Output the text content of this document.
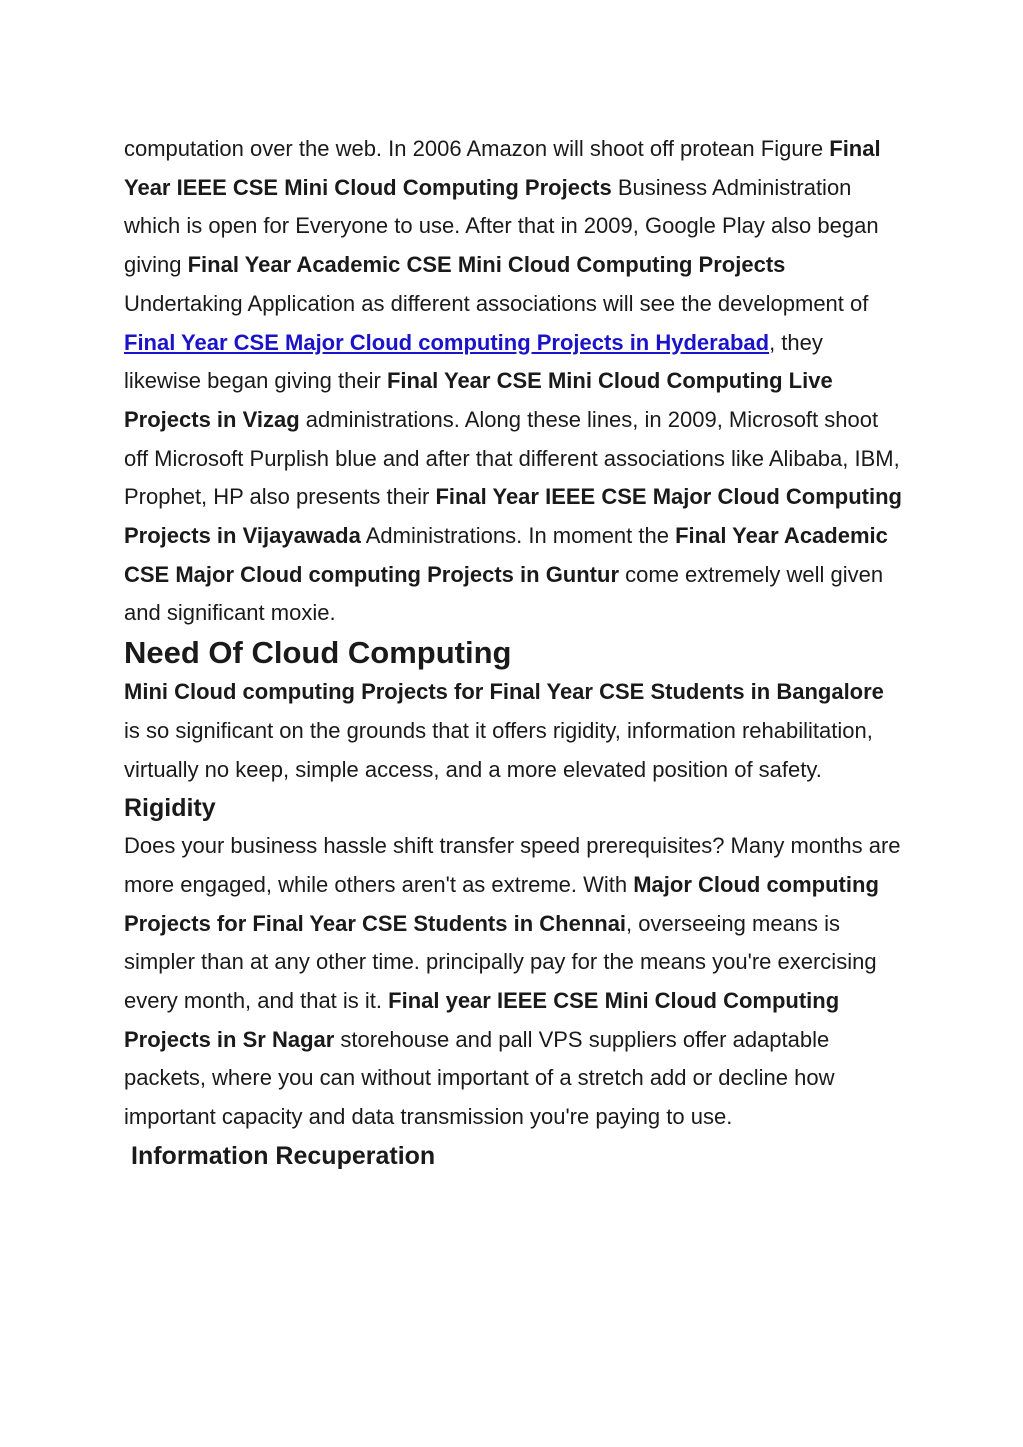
computation over the web. In 2006 Amazon will shoot off protean Figure Final Year IEEE CSE Mini Cloud Computing Projects Business Administration which is open for Everyone to use. After that in 2009, Google Play also began giving Final Year Academic CSE Mini Cloud Computing Projects Undertaking Application as different associations will see the development of Final Year CSE Major Cloud computing Projects in Hyderabad, they likewise began giving their Final Year CSE Mini Cloud Computing Live Projects in Vizag administrations. Along these lines, in 2009, Microsoft shoot off Microsoft Purplish blue and after that different associations like Alibaba, IBM, Prophet, HP also presents their Final Year IEEE CSE Major Cloud Computing Projects in Vijayawada Administrations. In moment the Final Year Academic CSE Major Cloud computing Projects in Guntur come extremely well given and significant moxie.

Need Of Cloud Computing

Mini Cloud computing Projects for Final Year CSE Students in Bangalore is so significant on the grounds that it offers rigidity, information rehabilitation, virtually no keep, simple access, and a more elevated position of safety.

Rigidity

Does your business hassle shift transfer speed prerequisites? Many months are more engaged, while others aren't as extreme. With Major Cloud computing Projects for Final Year CSE Students in Chennai, overseeing means is simpler than at any other time. principally pay for the means you're exercising every month, and that is it. Final year IEEE CSE Mini Cloud Computing Projects in Sr Nagar storehouse and pall VPS suppliers offer adaptable packets, where you can without important of a stretch add or decline how important capacity and data transmission you're paying to use.

Information Recuperation
